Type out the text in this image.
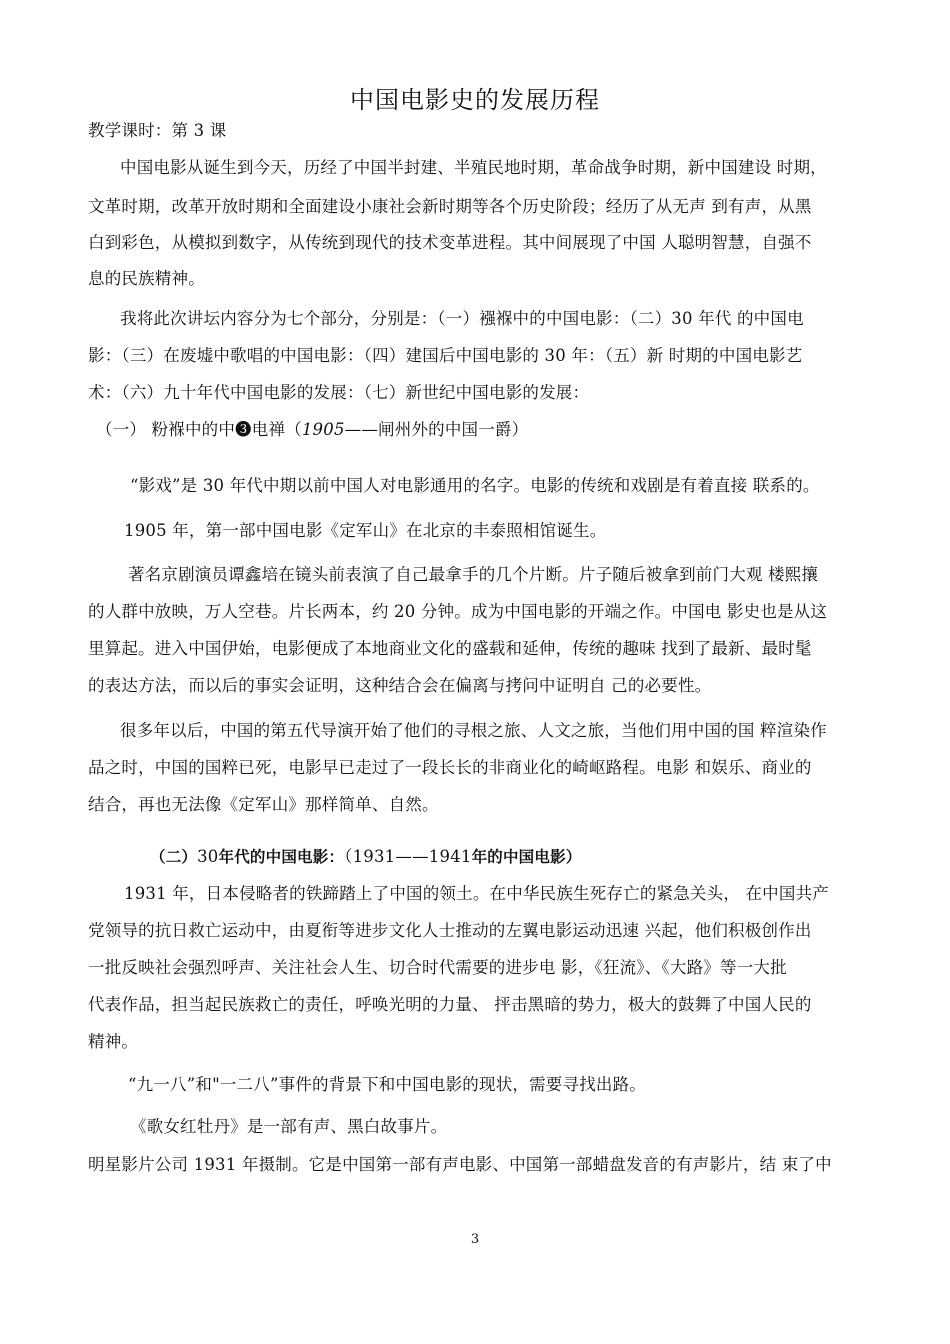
中国电影史的发展历程
教学课时：第 3 课
中国电影从诞生到今天，历经了中国半封建、半殖民地时期，革命战争时期，新中国建设 时期，
文革时期，改革开放时期和全面建设小康社会新时期等各个历史阶段；经历了从无声 到有声，从黑
白到彩色，从模拟到数字，从传统到现代的技术变革进程。其中间展现了中国 人聪明智慧，自强不
息的民族精神。
我将此次讲坛内容分为七个部分，分别是：（一）襁褓中的中国电影：（二）30 年代 的中国电
影：（三）在废墟中歌唱的中国电影：（四）建国后中国电影的 30 年：（五）新 时期的中国电影艺
术：（六）九十年代中国电影的发展：（七）新世纪中国电影的发展：
（一） 粉褓中的中❸电禅（1905——闸州外的中国一爵）
“影戏”是 30 年代中期以前中国人对电影通用的名字。电影的传统和戏剧是有着直接 联系的。
1905 年，第一部中国电影《定军山》在北京的丰泰照相馆诞生。
著名京剧演员谭鑫培在镜头前表演了自己最拿手的几个片断。片子随后被拿到前门大观 楼熙攘
的人群中放映，万人空巷。片长两本，约 20 分钟。成为中国电影的开端之作。中国电 影史也是从这
里算起。进入中国伊始，电影便成了本地商业文化的盛载和延伸，传统的趣味 找到了最新、最时髦
的表达方法，而以后的事实会证明，这种结合会在偏离与拷问中证明自 己的必要性。
很多年以后，中国的第五代导演开始了他们的寻根之旅、人文之旅，当他们用中国的国 粹渲染作
品之时，中国的国粹已死，电影早已走过了一段长长的非商业化的崎岖路程。电影 和娱乐、商业的
结合，再也无法像《定军山》那样简单、自然。
（二）30年代的中国电影：（1931——1941年的中国电影）
1931 年，日本侵略者的铁蹄踏上了中国的领土。在中华民族生死存亡的紧急关头， 在中国共产
党领导的抗日救亡运动中，由夏衔等进步文化人士推动的左翼电影运动迅速 兴起，他们积极创作出
一批反映社会强烈呼声、关注社会人生、切合时代需要的进步电 影，《狂流》、《大路》等一大批
代表作品，担当起民族救亡的责任，呼唤光明的力量、 抨击黑暗的势力，极大的鼓舞了中国人民的
精神。
“九一八”和"一二八”事件的背景下和中国电影的现状，需要寻找出路。
《歌女红牡丹》是一部有声、黑白故事片。
明星影片公司 1931 年摄制。它是中国第一部有声电影、中国第一部蜡盘发音的有声影片，结 束了中
3
